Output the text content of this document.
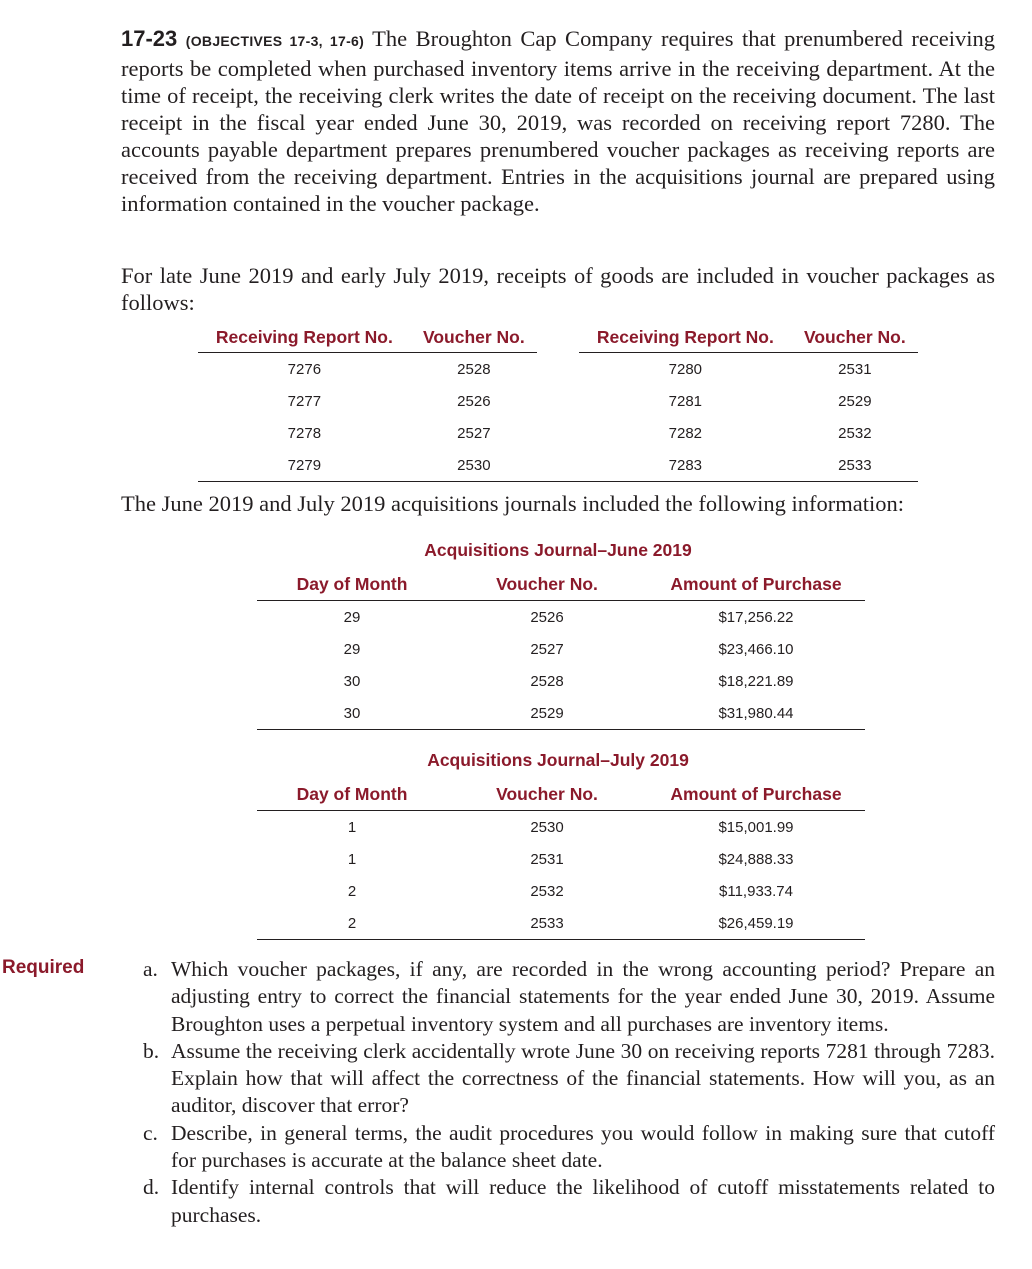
17-23 (OBJECTIVES 17-3, 17-6) The Broughton Cap Company requires that prenumbered receiving reports be completed when purchased inventory items arrive in the receiving department. At the time of receipt, the receiving clerk writes the date of receipt on the receiving document. The last receipt in the fiscal year ended June 30, 2019, was recorded on receiving report 7280. The accounts payable department prepares prenumbered voucher packages as receiving reports are received from the receiving department. Entries in the acquisitions journal are prepared using information contained in the voucher package.
For late June 2019 and early July 2019, receipts of goods are included in voucher packages as follows:
Receiving Report No.	Voucher No.		Receiving Report No.	Voucher No.
7276	2528		7280	2531
7277	2526		7281	2529
7278	2527		7282	2532
7279	2530		7283	2533
The June 2019 and July 2019 acquisitions journals included the following information:
Acquisitions Journal–June 2019
Day of Month	Voucher No.	Amount of Purchase
29	2526	$17,256.22
29	2527	$23,466.10
30	2528	$18,221.89
30	2529	$31,980.44
Acquisitions Journal–July 2019
Day of Month	Voucher No.	Amount of Purchase
1	2530	$15,001.99
1	2531	$24,888.33
2	2532	$11,933.74
2	2533	$26,459.19
Required	a. Which voucher packages, if any, are recorded in the wrong accounting period? Prepare an adjusting entry to correct the financial statements for the year ended June 30, 2019. Assume Broughton uses a perpetual inventory system and all purchases are inventory items.
b. Assume the receiving clerk accidentally wrote June 30 on receiving reports 7281 through 7283. Explain how that will affect the correctness of the financial statements. How will you, as an auditor, discover that error?
c. Describe, in general terms, the audit procedures you would follow in making sure that cutoff for purchases is accurate at the balance sheet date.
d. Identify internal controls that will reduce the likelihood of cutoff misstatements related to purchases.
